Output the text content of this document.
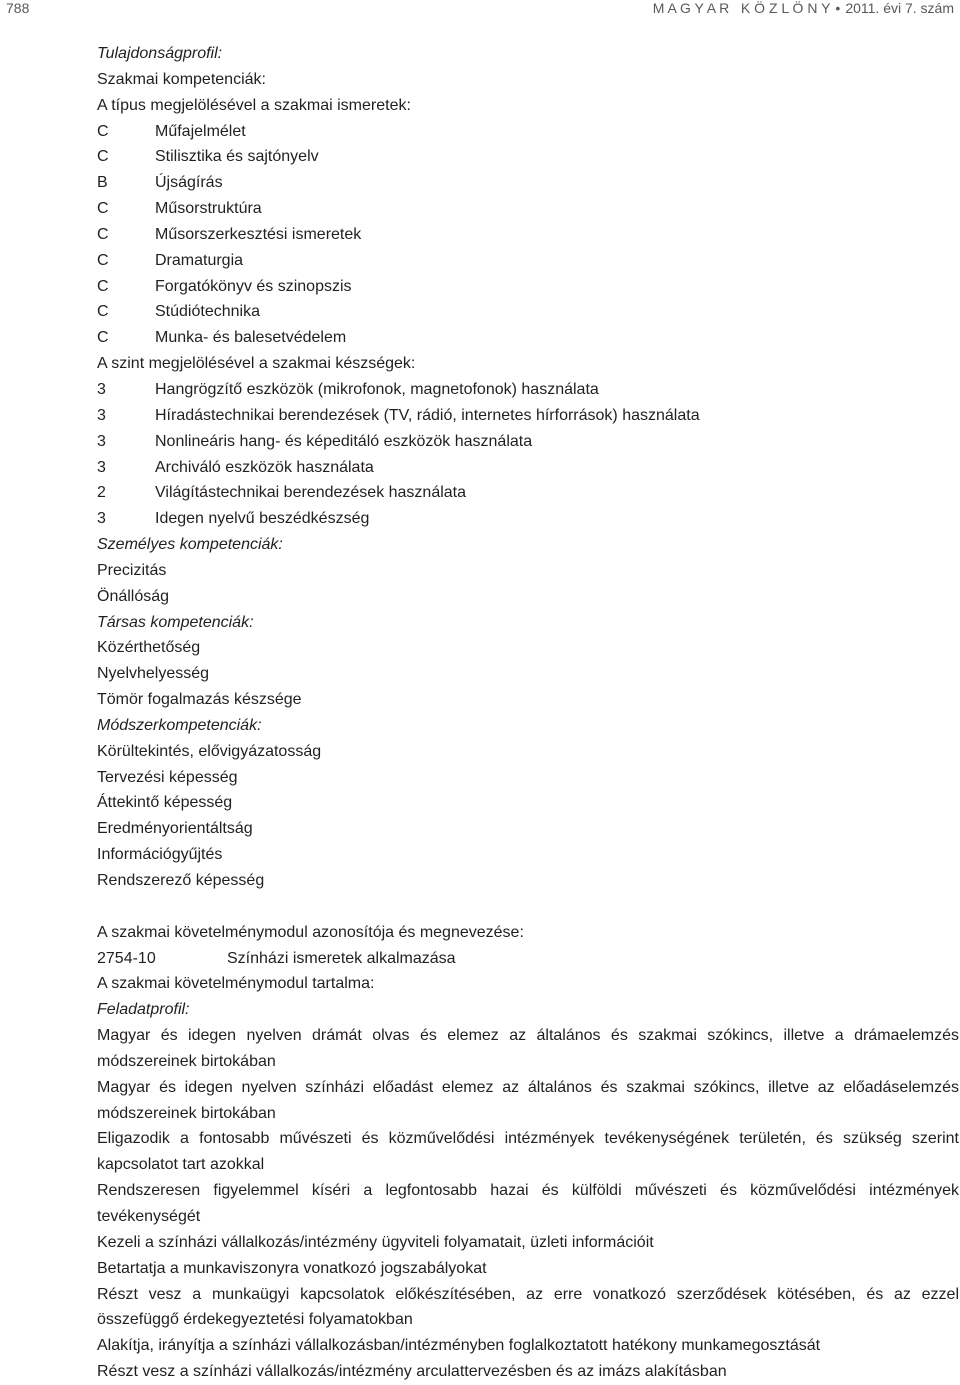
788	M A G Y A R   K Ö Z L Ö N Y • 2011. évi 7. szám
Tulajdonságprofil:
Szakmai kompetenciák:
A típus megjelölésével a szakmai ismeretek:
C	Műfajelmélet
C	Stilisztika és sajtónyelv
B	Újságírás
C	Műsorstruktúra
C	Műsorszerkesztési ismeretek
C	Dramaturgia
C	Forgatókönyv és szinopszis
C	Stúdiótechnika
C	Munka- és balesetvédelem
A szint megjelölésével a szakmai készségek:
3	Hangrögzítő eszközök (mikrofonok, magnetofonok) használata
3	Híradástechnikai berendezések (TV, rádió, internetes hírforrások) használata
3	Nonlineáris hang- és képeditáló eszközök használata
3	Archiváló eszközök használata
2	Világítástechnikai berendezések használata
3	Idegen nyelvű beszédkészség
Személyes kompetenciák:
Precizitás
Önállóság
Társas kompetenciák:
Közérthetőség
Nyelvhelyesség
Tömör fogalmazás készsége
Módszerkompetenciák:
Körültekintés, elővigyázatosság
Tervezési képesség
Áttekintő képesség
Eredményorientáltság
Információgyűjtés
Rendszerező képesség
A szakmai követelménymodul azonosítója és megnevezése:
2754-10	Színházi ismeretek alkalmazása
A szakmai követelménymodul tartalma:
Feladatprofil:
Magyar és idegen nyelven drámát olvas és elemez az általános és szakmai szókincs, illetve a drámaelemzés módszereinek birtokában
Magyar és idegen nyelven színházi előadást elemez az általános és szakmai szókincs, illetve az előadáselemzés módszereinek birtokában
Eligazodik a fontosabb művészeti és közművelődési intézmények tevékenységének területén, és szükség szerint kapcsolatot tart azokkal
Rendszeresen figyelemmel kíséri a legfontosabb hazai és külföldi művészeti és közművelődési intézmények tevékenységét
Kezeli a színházi vállalkozás/intézmény ügyviteli folyamatait, üzleti információit
Betartatja a munkaviszonyra vonatkozó jogszabályokat
Részt vesz a munkaügyi kapcsolatok előkészítésében, az erre vonatkozó szerződések kötésében, és az ezzel összefüggő érdekegyeztetési folyamatokban
Alakítja, irányítja a színházi vállalkozásban/intézményben foglalkoztatott hatékony munkamegosztását
Részt vesz a színházi vállalkozás/intézmény arculattervezésben és az imázs alakításban
